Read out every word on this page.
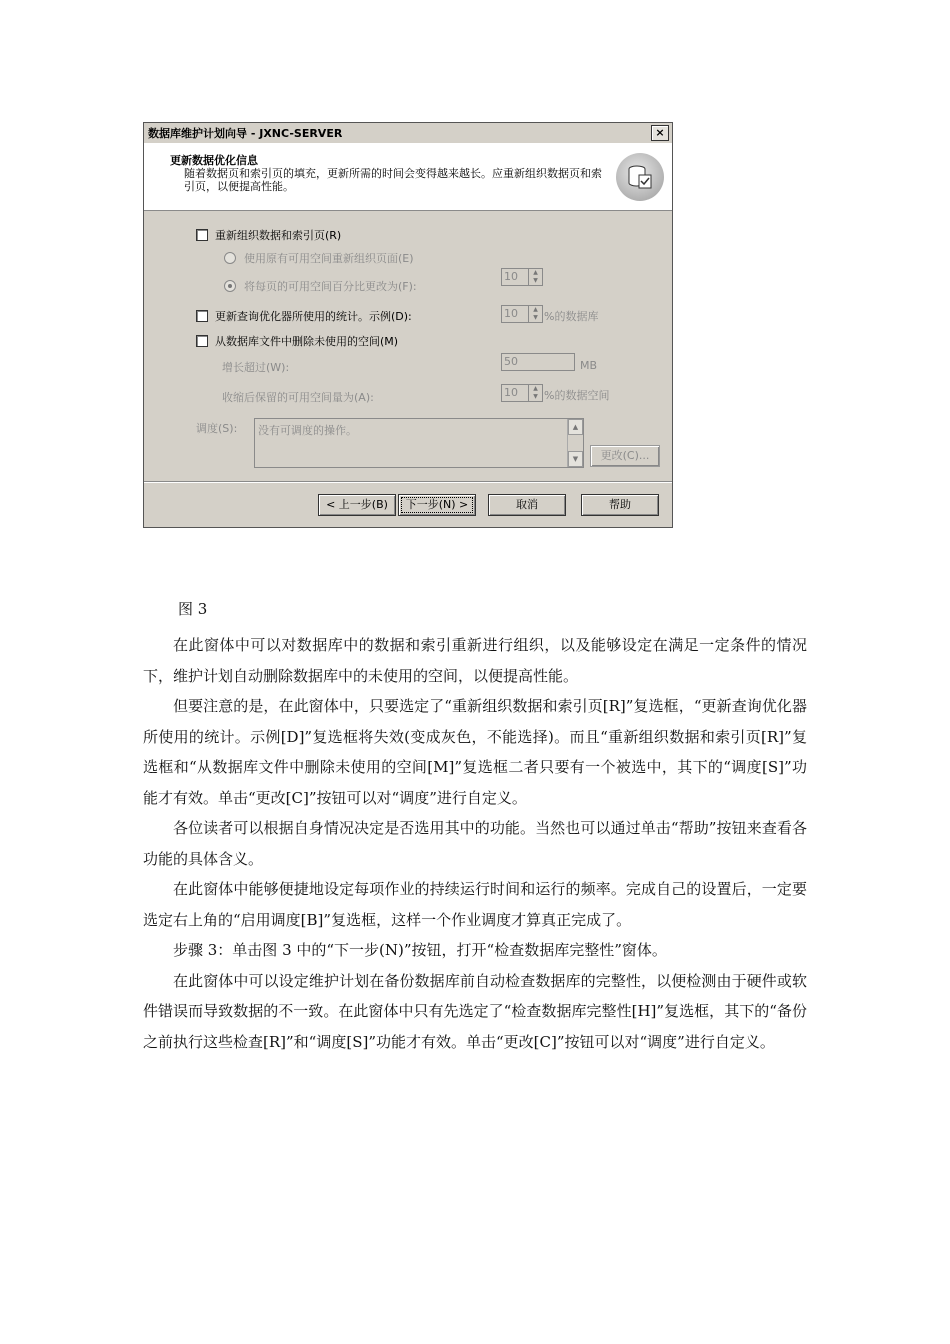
数据库维护计划向导 - JXNC-SERVER	×
更新数据优化信息
随着数据页和索引页的填充，更新所需的时间会变得越来越长。应重新组织数据页和索引页，以便提高性能。
重新组织数据和索引页(R)
使用原有可用空间重新组织页面(E)
将每页的可用空间百分比更改为(F):
10	▲
▼
更新查询优化器所使用的统计。示例(D):	10	▲
▼ %的数据库
从数据库文件中删除未使用的空间(M)
增长超过(W):	50	MB
收缩后保留的可用空间量为(A):	10	▲
▼ %的数据空间
调度(S): 没有可调度的操作。	▲
▼	更改(C)...
< 上一步(B)	下一步(N) >	取消	帮助
图 3

在此窗体中可以对数据库中的数据和索引重新进行组织，以及能够设定在满足一定条件的情况下，维护计划自动删除数据库中的未使用的空间，以便提高性能。

但要注意的是，在此窗体中，只要选定了“重新组织数据和索引页[R]”复选框，“更新查询优化器所使用的统计。示例[D]”复选框将失效(变成灰色，不能选择)。而且“重新组织数据和索引页[R]”复选框和“从数据库文件中删除未使用的空间[M]”复选框二者只要有一个被选中，其下的“调度[S]”功能才有效。单击“更改[C]”按钮可以对“调度”进行自定义。

各位读者可以根据自身情况决定是否选用其中的功能。当然也可以通过单击“帮助”按钮来查看各功能的具体含义。

在此窗体中能够便捷地设定每项作业的持续运行时间和运行的频率。完成自己的设置后，一定要选定右上角的“启用调度[B]”复选框，这样一个作业调度才算真正完成了。

步骤 3：单击图 3 中的“下一步(N)”按钮，打开“检查数据库完整性”窗体。

在此窗体中可以设定维护计划在备份数据库前自动检查数据库的完整性，以便检测由于硬件或软件错误而导致数据的不一致。在此窗体中只有先选定了“检查数据库完整性[H]”复选框，其下的“备份之前执行这些检查[R]”和“调度[S]”功能才有效。单击“更改[C]”按钮可以对“调度”进行自定义。
